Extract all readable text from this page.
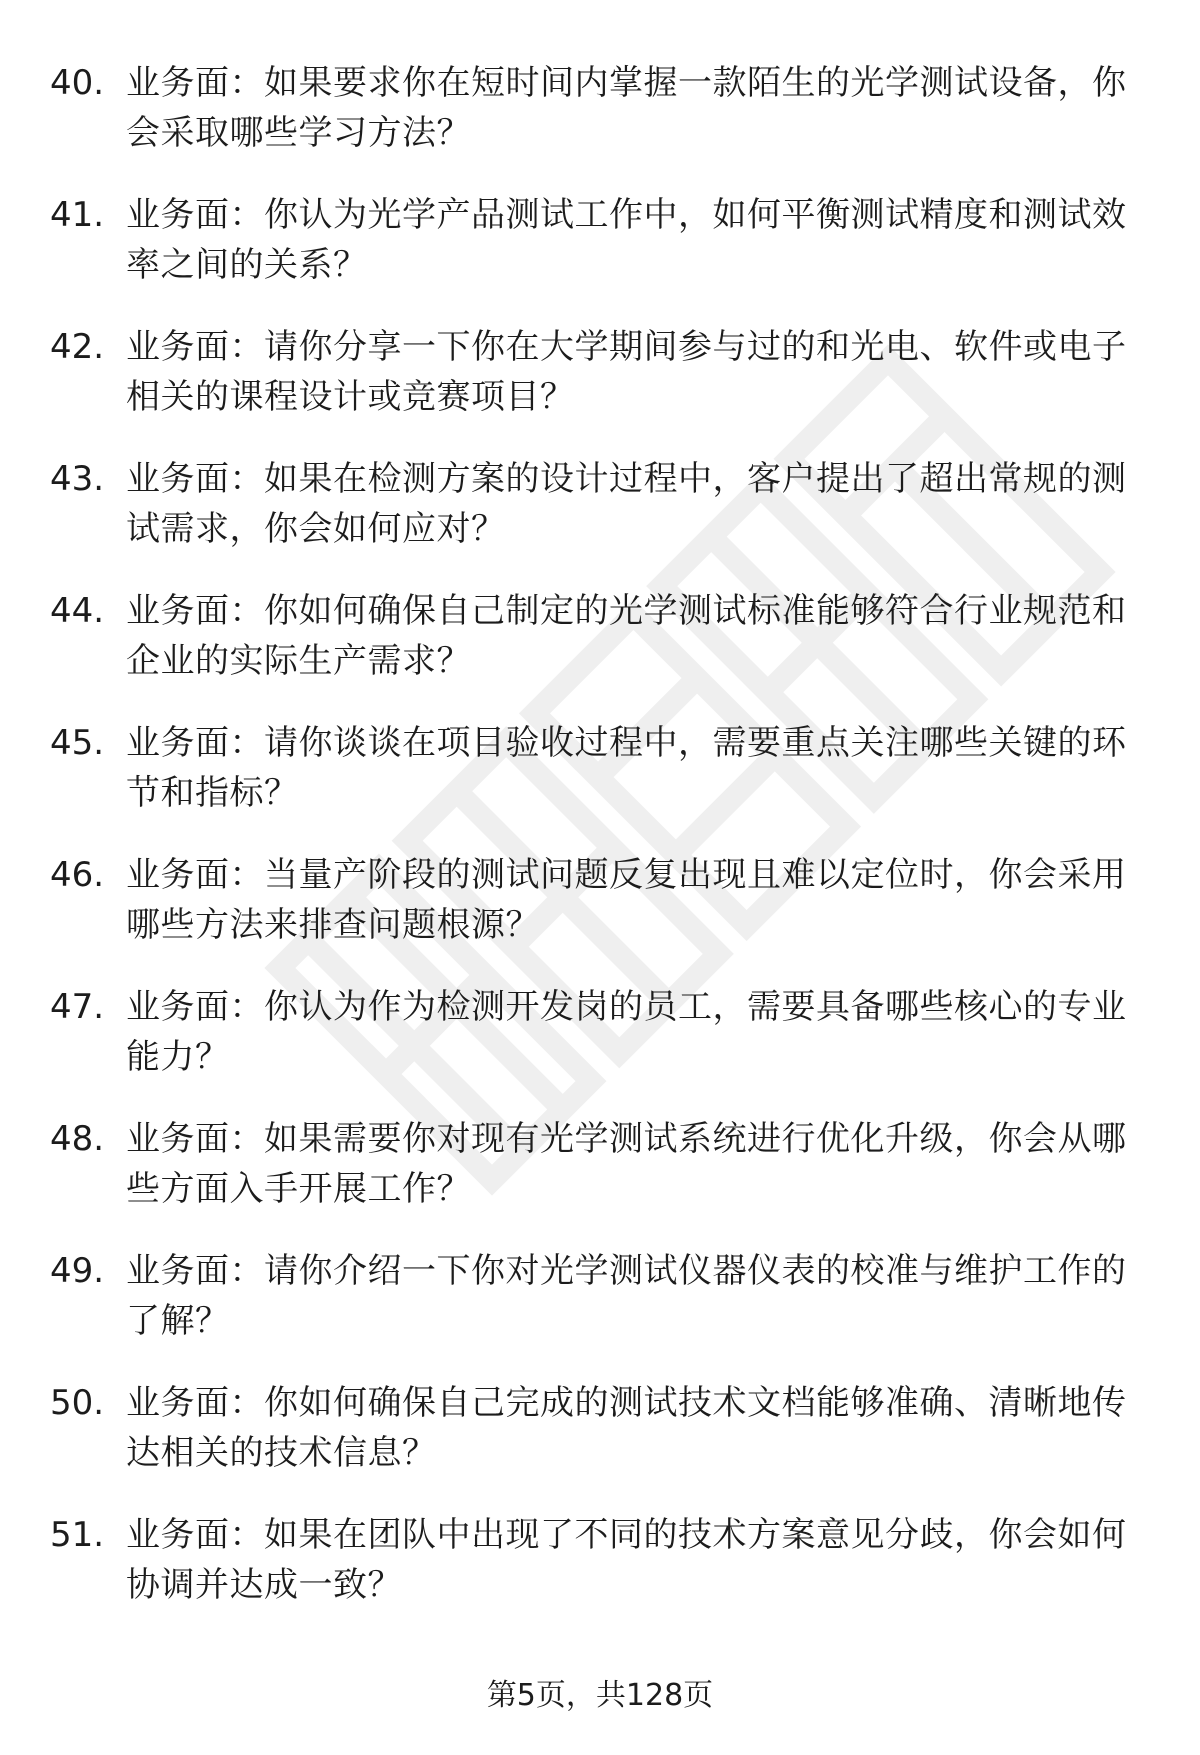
40. 业务面：如果要求你在短时间内掌握一款陌生的光学测试设备，你会采取哪些学习方法？
41. 业务面：你认为光学产品测试工作中，如何平衡测试精度和测试效率之间的关系？
42. 业务面：请你分享一下你在大学期间参与过的和光电、软件或电子相关的课程设计或竞赛项目？
43. 业务面：如果在检测方案的设计过程中，客户提出了超出常规的测试需求，你会如何应对？
44. 业务面：你如何确保自己制定的光学测试标准能够符合行业规范和企业的实际生产需求？
45. 业务面：请你谈谈在项目验收过程中，需要重点关注哪些关键的环节和指标？
46. 业务面：当量产阶段的测试问题反复出现且难以定位时，你会采用哪些方法来排查问题根源？
47. 业务面：你认为作为检测开发岗的员工，需要具备哪些核心的专业能力？
48. 业务面：如果需要你对现有光学测试系统进行优化升级，你会从哪些方面入手开展工作？
49. 业务面：请你介绍一下你对光学测试仪器仪表的校准与维护工作的了解？
50. 业务面：你如何确保自己完成的测试技术文档能够准确、清晰地传达相关的技术信息？
51. 业务面：如果在团队中出现了不同的技术方案意见分歧，你会如何协调并达成一致？
第5页，共128页
